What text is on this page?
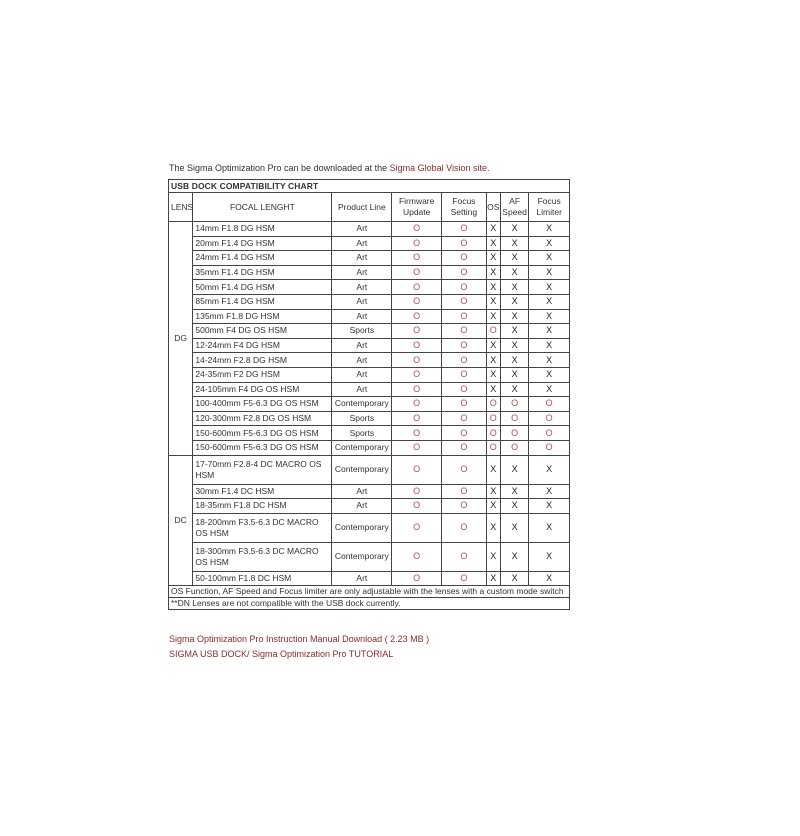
The Sigma Optimization Pro can be downloaded at the Sigma Global Vision site.

USB DOCK COMPATIBILITY CHART							
LENS	FOCAL LENGHT	Product Line	Firmware Update	Focus Setting	OS	AF Speed	Focus Limiter
DG	14mm F1.8 DG HSM	Art	O	O	X	X	X
	20mm F1.4 DG HSM	Art	O	O	X	X	X
	24mm F1.4 DG HSM	Art	O	O	X	X	X
	35mm F1.4 DG HSM	Art	O	O	X	X	X
	50mm F1.4 DG HSM	Art	O	O	X	X	X
	85mm F1.4 DG HSM	Art	O	O	X	X	X
	135mm F1.8 DG HSM	Art	O	O	X	X	X
	500mm F4 DG OS HSM	Sports	O	O	O	X	X
	12-24mm F4 DG HSM	Art	O	O	X	X	X
	14-24mm F2.8 DG HSM	Art	O	O	X	X	X
	24-35mm F2 DG HSM	Art	O	O	X	X	X
	24-105mm F4 DG OS HSM	Art	O	O	X	X	X
	100-400mm F5-6.3 DG OS HSM	Contemporary	O	O	O	O	O
	120-300mm F2.8 DG OS HSM	Sports	O	O	O	O	O
	150-600mm F5-6.3 DG OS HSM	Sports	O	O	O	O	O
	150-600mm F5-6.3 DG OS HSM	Contemporary	O	O	O	O	O
DC	17-70mm F2.8-4 DC MACRO OS HSM	Contemporary	O	O	X	X	X
	30mm F1.4 DC HSM	Art	O	O	X	X	X
	18-35mm F1.8 DC HSM	Art	O	O	X	X	X
	18-200mm F3.5-6.3 DC MACRO OS HSM	Contemporary	O	O	X	X	X
	18-300mm F3.5-6.3 DC MACRO OS HSM	Contemporary	O	O	X	X	X
	50-100mm F1.8 DC HSM	Art	O	O	X	X	X
OS Function, AF Speed and Focus limiter are only adjustable with the lenses with a custom mode switch							
**DN Lenses are not compatible with the USB dock currently.							
Sigma Optimization Pro Instruction Manual Download ( 2.23 MB )
SIGMA USB DOCK/ Sigma Optimization Pro TUTORIAL
